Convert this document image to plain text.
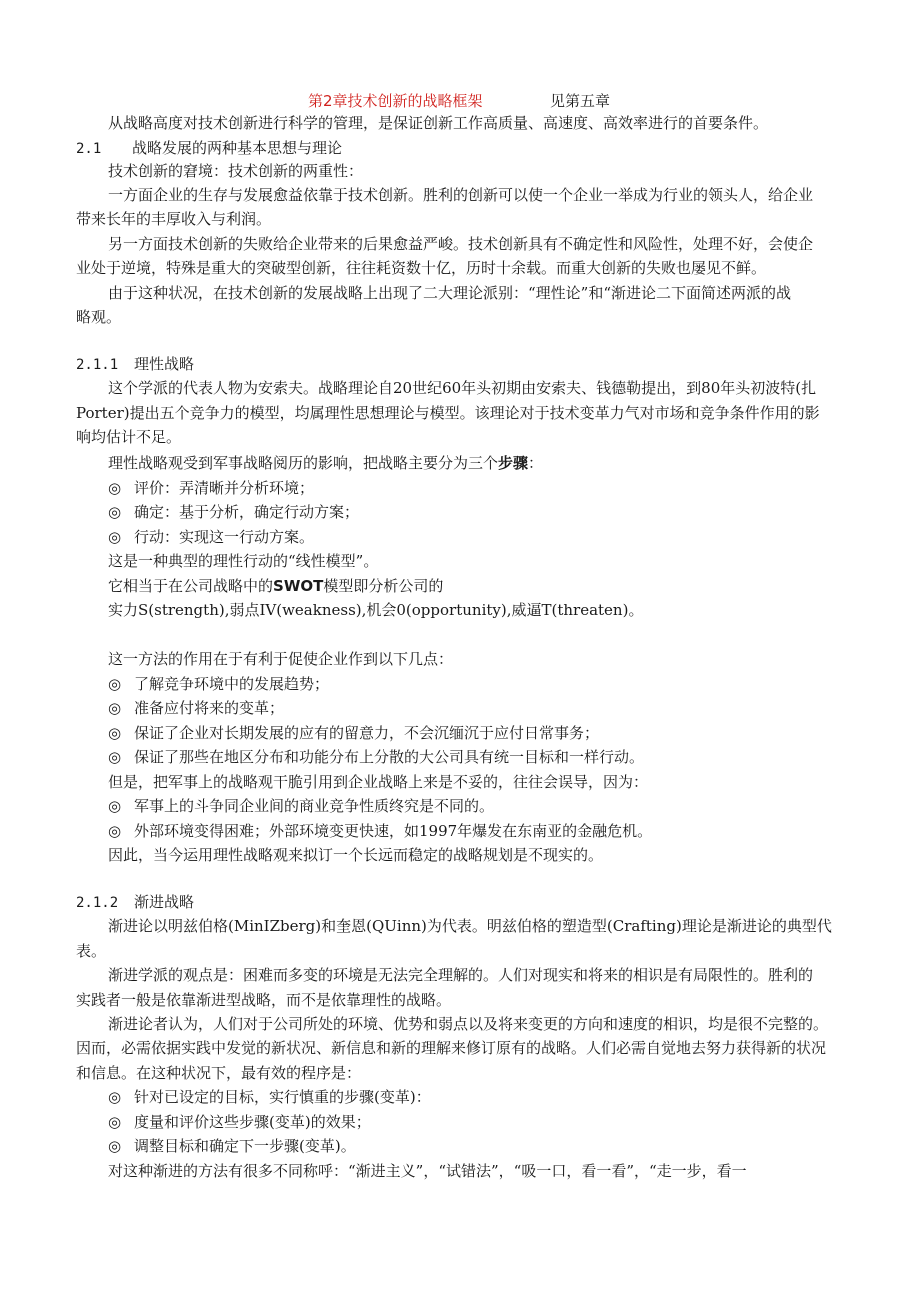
第2章技术创新的战略框架	见第五章
从战略高度对技术创新进行科学的管理，是保证创新工作高质量、高速度、高效率进行的首要条件。
2.1 战略发展的两种基本思想与理论
技术创新的窘境：技术创新的两重性：
一方面企业的生存与发展愈益依靠于技术创新。胜利的创新可以使一个企业一举成为行业的领头人，给企业
带来长年的丰厚收入与利润。
另一方面技术创新的失败给企业带来的后果愈益严峻。技术创新具有不确定性和风险性，处理不好，会使企
业处于逆境，特殊是重大的突破型创新，往往耗资数十亿，历时十余载。而重大创新的失败也屡见不鲜。
由于这种状况，在技术创新的发展战略上出现了二大理论派别：“理性论”和“渐进论二下面简述两派的战
略观。
2.1.1 理性战略
这个学派的代表人物为安索夫。战略理论自20世纪60年头初期由安索夫、钱德勒提出，到80年头初波特(扎
Porter)提出五个竞争力的模型，均属理性思想理论与模型。该理论对于技术变革力气对市场和竞争条件作用的影
响均估计不足。
理性战略观受到军事战略阅历的影响，把战略主要分为三个步骤：
◎ 评价：弄清晰并分析环境；
◎ 确定：基于分析，确定行动方案；
◎ 行动：实现这一行动方案。
这是一种典型的理性行动的“线性模型”。
它相当于在公司战略中的SWOT模型即分析公司的
实力S(strength),弱点IV(weakness),机会0(opportunity),威逼T(threaten)。
这一方法的作用在于有利于促使企业作到以下几点：
◎ 了解竞争环境中的发展趋势；
◎ 准备应付将来的变革；
◎ 保证了企业对长期发展的应有的留意力，不会沉缅沉于应付日常事务；
◎ 保证了那些在地区分布和功能分布上分散的大公司具有统一目标和一样行动。
但是，把军事上的战略观干脆引用到企业战略上来是不妥的，往往会误导，因为：
◎ 军事上的斗争同企业间的商业竞争性质终究是不同的。
◎ 外部环境变得困难；外部环境变更快速，如1997年爆发在东南亚的金融危机。
因此，当今运用理性战略观来拟订一个长远而稳定的战略规划是不现实的。
2.1.2 渐进战略
渐进论以明兹伯格(MinIZberg)和奎恩(QUinn)为代表。明兹伯格的塑造型(Crafting)理论是渐进论的典型代
表。
渐进学派的观点是：困难而多变的环境是无法完全理解的。人们对现实和将来的相识是有局限性的。胜利的
实践者一般是依靠渐进型战略，而不是依靠理性的战略。
渐进论者认为，人们对于公司所处的环境、优势和弱点以及将来变更的方向和速度的相识，均是很不完整的。
因而，必需依据实践中发觉的新状况、新信息和新的理解来修订原有的战略。人们必需自觉地去努力获得新的状况
和信息。在这种状况下，最有效的程序是：
◎ 针对已设定的目标，实行慎重的步骤(变革)：
◎ 度量和评价这些步骤(变革)的效果；
◎ 调整目标和确定下一步骤(变革)。
对这种渐进的方法有很多不同称呼：“渐进主义”，“试错法”，“吸一口，看一看”，“走一步，看一
